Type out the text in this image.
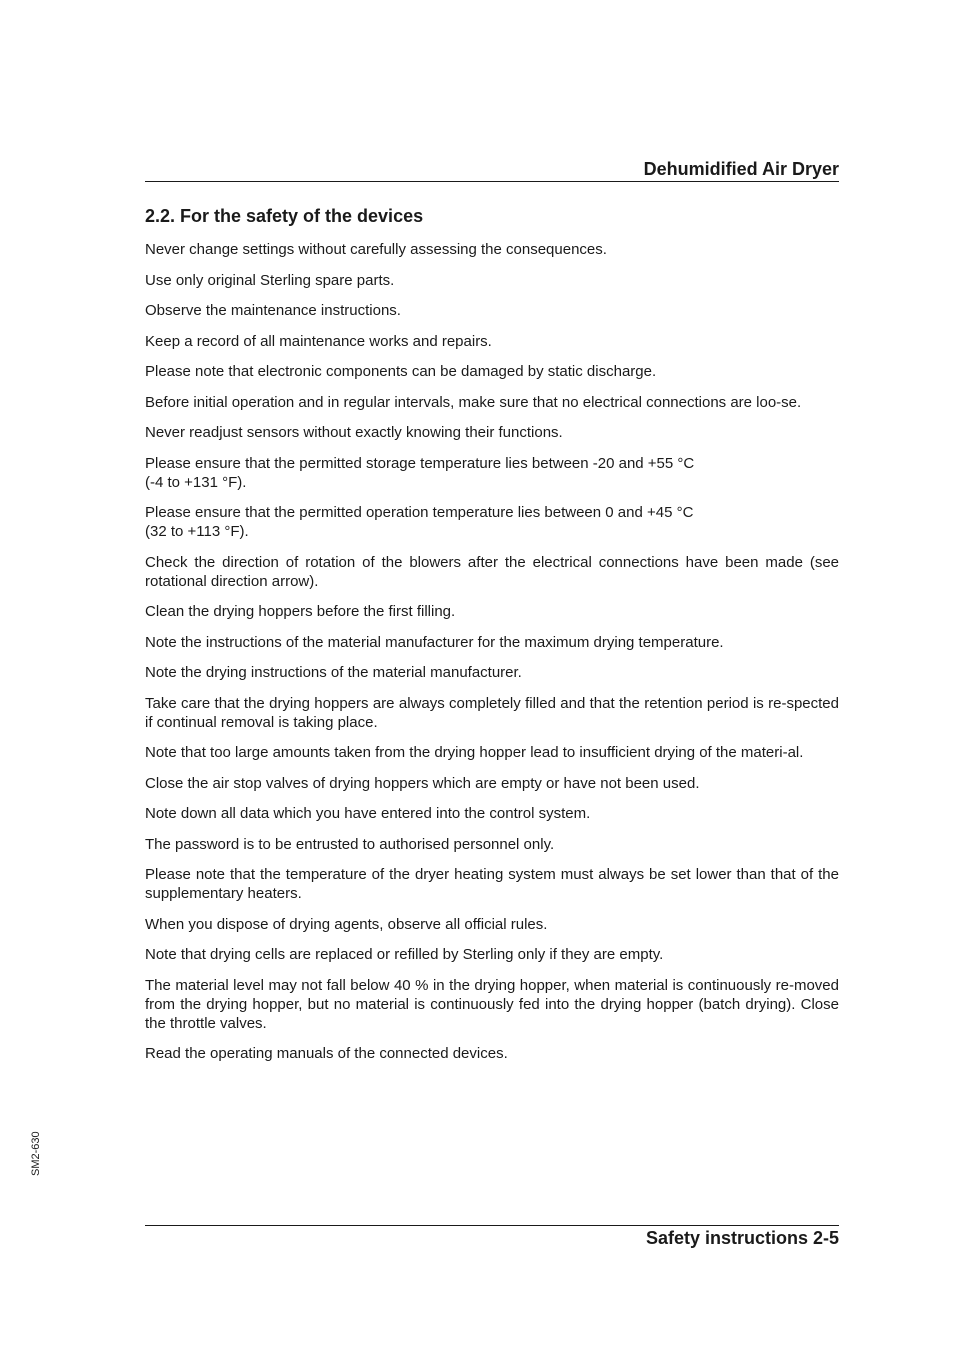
Dehumidified Air Dryer
2.2. For the safety of the devices

Never change settings without carefully assessing the consequences.

Use only original Sterling spare parts.

Observe the maintenance instructions.

Keep a record of all maintenance works and repairs.

Please note that electronic components can be damaged by static discharge.

Before initial operation and in regular intervals, make sure that no electrical connections are loo-se.

Never readjust sensors without exactly knowing their functions.

Please ensure that the permitted storage temperature lies between -20 and +55 °C
(-4 to +131 °F).

Please ensure that the permitted operation temperature lies between 0 and +45 °C
(32 to +113 °F).

Check the direction of rotation of the blowers after the electrical connections have been made (see rotational direction arrow).

Clean the drying hoppers before the first filling.

Note the instructions of the material manufacturer for the maximum drying temperature.

Note the drying instructions of the material manufacturer.

Take care that the drying hoppers are always completely filled and that the retention period is re-spected if continual removal is taking place.

Note that too large amounts taken from the drying hopper lead to insufficient drying of the materi-al.

Close the air stop valves of drying hoppers which are empty or have not been used.

Note down all data which you have entered into the control system.

The password is to be entrusted to authorised personnel only.

Please note that the temperature of the dryer heating system must always be set lower than that of the supplementary heaters.

When you dispose of drying agents, observe all official rules.

Note that drying cells are replaced or refilled by Sterling only if they are empty.

The material level may not fall below 40 % in the drying hopper, when material is continuously re-moved from the drying hopper, but no material is continuously fed into the drying hopper (batch drying). Close the throttle valves.

Read the operating manuals of the connected devices.

SM2-630
Safety instructions 2-5
